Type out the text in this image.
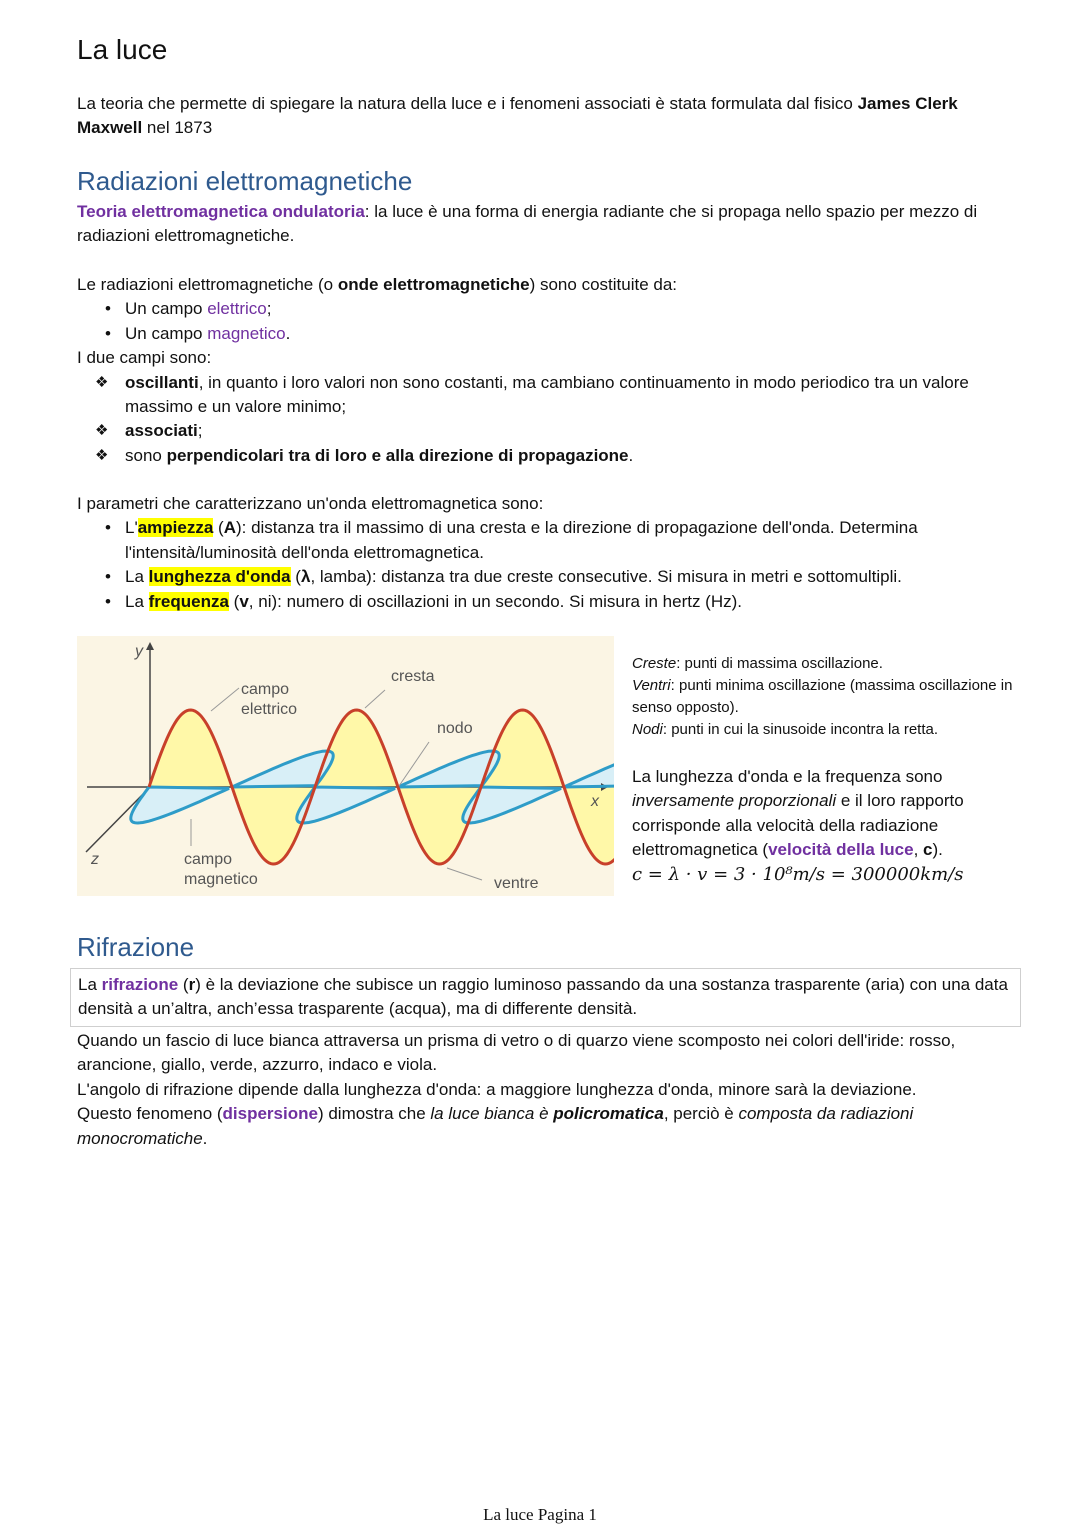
La luce
La teoria che permette di spiegare la natura della luce e i fenomeni associati è stata formulata dal fisico James Clerk Maxwell nel 1873
Radiazioni elettromagnetiche
Teoria elettromagnetica ondulatoria: la luce è una forma di energia radiante che si propaga nello spazio per mezzo di radiazioni elettromagnetiche.
Le radiazioni elettromagnetiche (o onde elettromagnetiche) sono costituite da:
• Un campo elettrico;
• Un campo magnetico.
I due campi sono:
❖ oscillanti, in quanto i loro valori non sono costanti, ma cambiano continuamento in modo periodico tra un valore massimo e un valore minimo;
❖ associati;
❖ sono perpendicolari tra di loro e alla direzione di propagazione.
I parametri che caratterizzano un'onda elettromagnetica sono:
• L'ampiezza (A): distanza tra il massimo di una cresta e la direzione di propagazione dell'onda. Determina l'intensità/luminosità dell'onda elettromagnetica.
• La lunghezza d'onda (λ, lamba): distanza tra due creste consecutive. Si misura in metri e sottomultipli.
• La frequenza (v, ni): numero di oscillazioni in un secondo. Si misura in hertz (Hz).
y
x
z
campo
elettrico
cresta
nodo
campo
magnetico	ventre
Creste: punti di massima oscillazione.
Ventri: punti minima oscillazione (massima oscillazione in senso opposto).
Nodi: punti in cui la sinusoide incontra la retta.
La lunghezza d'onda e la frequenza sono inversamente proporzionali e il loro rapporto corrisponde alla velocità della radiazione elettromagnetica (velocità della luce, c).
c = λ · v = 3 · 10⁸m/s = 300000km/s
Rifrazione
La rifrazione (r) è la deviazione che subisce un raggio luminoso passando da una sostanza trasparente (aria) con una data densità a un’altra, anch’essa trasparente (acqua), ma di differente densità.
Quando un fascio di luce bianca attraversa un prisma di vetro o di quarzo viene scomposto nei colori dell'iride: rosso, arancione, giallo, verde, azzurro, indaco e viola.
L'angolo di rifrazione dipende dalla lunghezza d'onda: a maggiore lunghezza d'onda, minore sarà la deviazione.
Questo fenomeno (dispersione) dimostra che la luce bianca è policromatica, perciò è composta da radiazioni monocromatiche.
La luce Pagina 1
